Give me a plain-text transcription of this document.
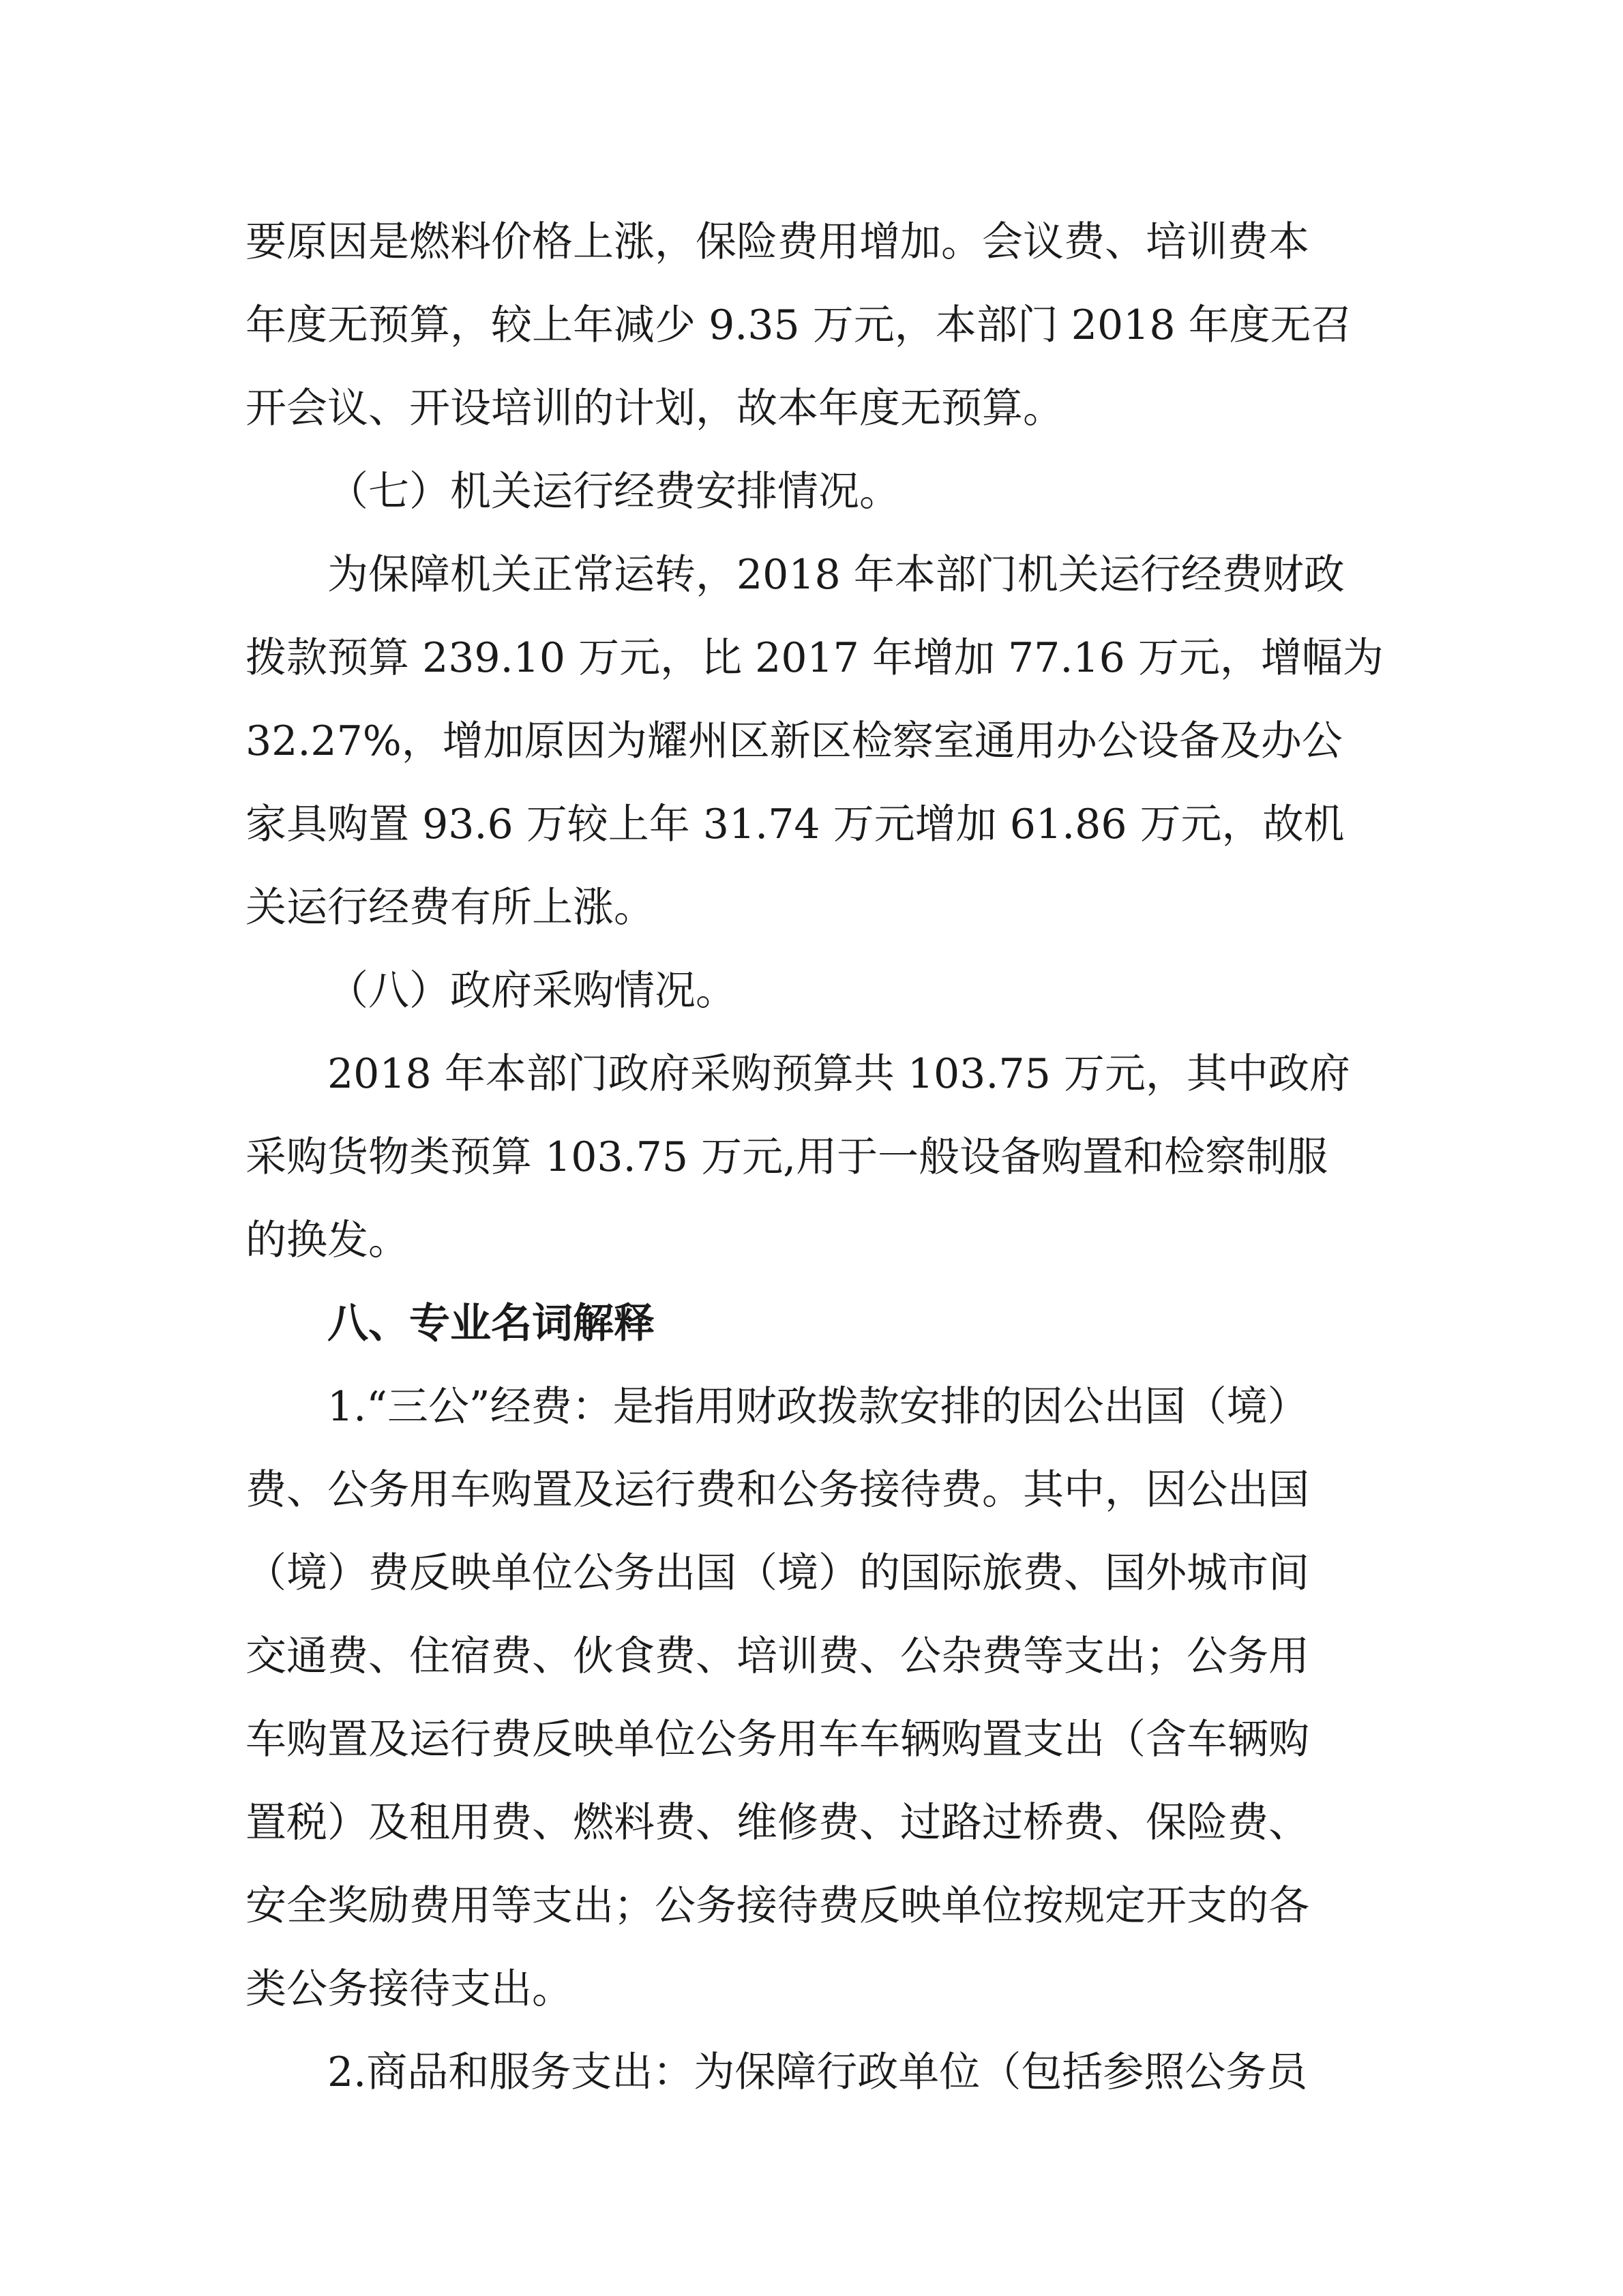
要原因是燃料价格上涨，保险费用增加。会议费、培训费本
年度无预算，较上年减少 9.35 万元，本部门 2018 年度无召
开会议、开设培训的计划，故本年度无预算。
（七）机关运行经费安排情况。
为保障机关正常运转，2018 年本部门机关运行经费财政
拨款预算 239.10 万元，比 2017 年增加 77.16 万元，增幅为
32.27%，增加原因为耀州区新区检察室通用办公设备及办公
家具购置 93.6 万较上年 31.74 万元增加 61.86 万元，故机
关运行经费有所上涨。
（八）政府采购情况。
2018 年本部门政府采购预算共 103.75 万元，其中政府
采购货物类预算 103.75 万元,用于一般设备购置和检察制服
的换发。
八、专业名词解释
1.“三公”经费：是指用财政拨款安排的因公出国（境）
费、公务用车购置及运行费和公务接待费。其中，因公出国
（境）费反映单位公务出国（境）的国际旅费、国外城市间
交通费、住宿费、伙食费、培训费、公杂费等支出；公务用
车购置及运行费反映单位公务用车车辆购置支出（含车辆购
置税）及租用费、燃料费、维修费、过路过桥费、保险费、
安全奖励费用等支出；公务接待费反映单位按规定开支的各
类公务接待支出。
2.商品和服务支出：为保障行政单位（包括参照公务员
